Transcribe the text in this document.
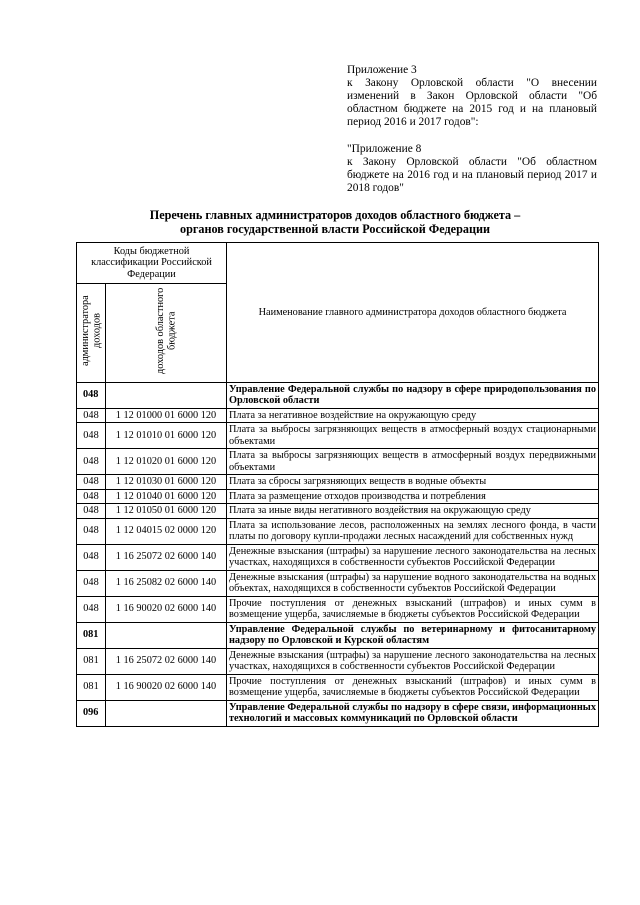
Приложение 3

к Закону Орловской области "О внесении изменений в Закон Орловской области "Об областном бюджете на 2015 год и на плановый период 2016 и 2017 годов":

"Приложение 8

к Закону Орловской области "Об областном бюджете на 2016 год и на плановый период 2017 и 2018 годов"

Перечень главных администраторов доходов областного бюджета –
органов государственной власти Российской Федерации
Коды бюджетной классификации Российской Федерации		Наименование главного администратора доходов областного бюджета
администратора доходов	доходов областного бюджета	
048		Управление Федеральной службы по надзору в сфере природопользования по Орловской области
048	1 12 01000 01 6000 120	Плата за негативное воздействие на окружающую среду
048	1 12 01010 01 6000 120	Плата за выбросы загрязняющих веществ в атмосферный воздух стационарными объектами
048	1 12 01020 01 6000 120	Плата за выбросы загрязняющих веществ в атмосферный воздух передвижными объектами
048	1 12 01030 01 6000 120	Плата за сбросы загрязняющих веществ в водные объекты
048	1 12 01040 01 6000 120	Плата за размещение отходов производства и потребления
048	1 12 01050 01 6000 120	Плата за иные виды негативного воздействия на окружающую среду
048	1 12 04015 02 0000 120	Плата за использование лесов, расположенных на землях лесного фонда, в части платы по договору купли-продажи лесных насаждений для собственных нужд
048	1 16 25072 02 6000 140	Денежные взыскания (штрафы) за нарушение лесного законодательства на лесных участках, находящихся в собственности субъектов Российской Федерации
048	1 16 25082 02 6000 140	Денежные взыскания (штрафы) за нарушение водного законодательства на водных объектах, находящихся в собственности субъектов Российской Федерации
048	1 16 90020 02 6000 140	Прочие поступления от денежных взысканий (штрафов) и иных сумм в возмещение ущерба, зачисляемые в бюджеты субъектов Российской Федерации
081		Управление Федеральной службы по ветеринарному и фитосанитарному надзору по Орловской и Курской областям
081	1 16 25072 02 6000 140	Денежные взыскания (штрафы) за нарушение лесного законодательства на лесных участках, находящихся в собственности субъектов Российской Федерации
081	1 16 90020 02 6000 140	Прочие поступления от денежных взысканий (штрафов) и иных сумм в возмещение ущерба, зачисляемые в бюджеты субъектов Российской Федерации
096		Управление Федеральной службы по надзору в сфере связи, информационных технологий и массовых коммуникаций по Орловской области
